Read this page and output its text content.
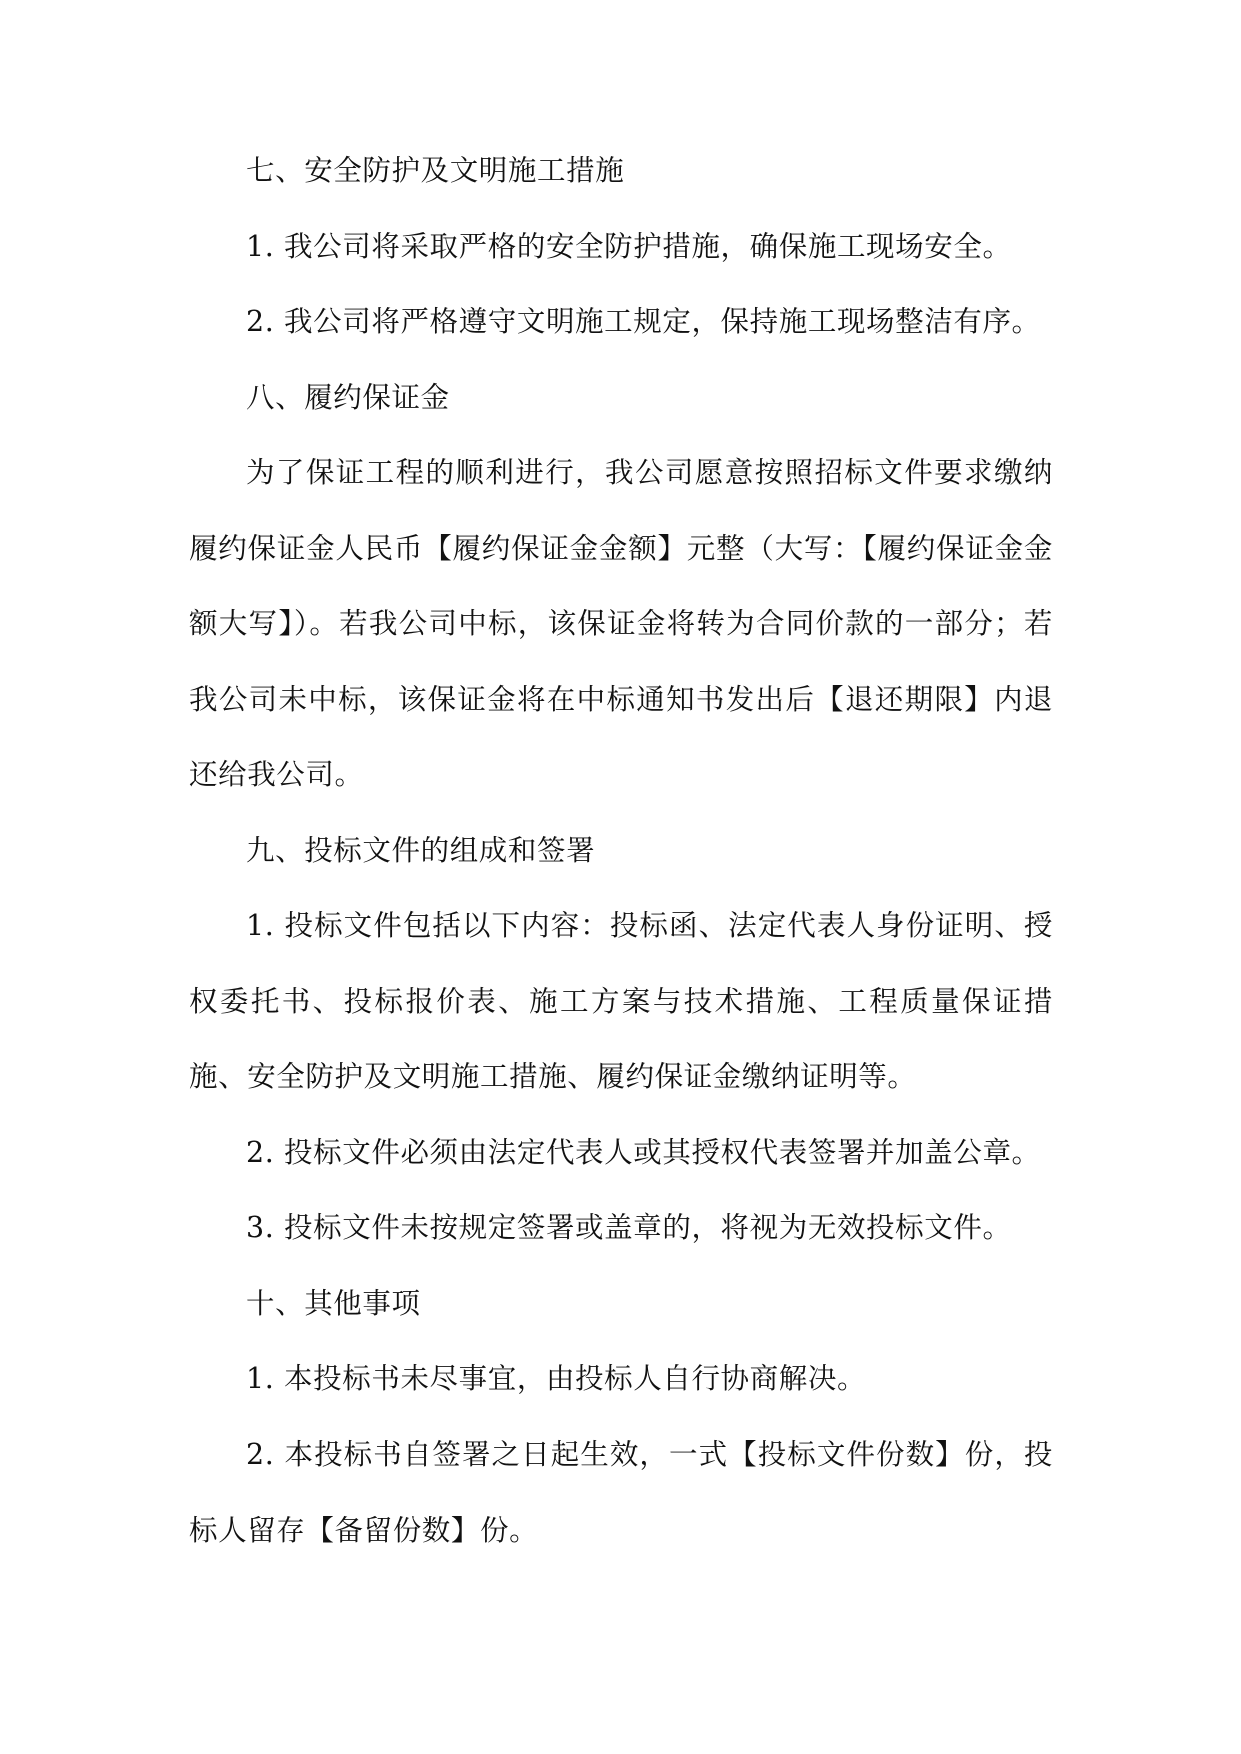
七、安全防护及文明施工措施

1. 我公司将采取严格的安全防护措施，确保施工现场安全。

2. 我公司将严格遵守文明施工规定，保持施工现场整洁有序。

八、履约保证金

为了保证工程的顺利进行，我公司愿意按照招标文件要求缴纳履约保证金人民币【履约保证金金额】元整（大写：【履约保证金金额大写】）。若我公司中标，该保证金将转为合同价款的一部分；若我公司未中标，该保证金将在中标通知书发出后【退还期限】内退还给我公司。

九、投标文件的组成和签署

1. 投标文件包括以下内容：投标函、法定代表人身份证明、授权委托书、投标报价表、施工方案与技术措施、工程质量保证措施、安全防护及文明施工措施、履约保证金缴纳证明等。

2. 投标文件必须由法定代表人或其授权代表签署并加盖公章。

3. 投标文件未按规定签署或盖章的，将视为无效投标文件。

十、其他事项

1. 本投标书未尽事宜，由投标人自行协商解决。

2. 本投标书自签署之日起生效，一式【投标文件份数】份，投标人留存【备留份数】份。
